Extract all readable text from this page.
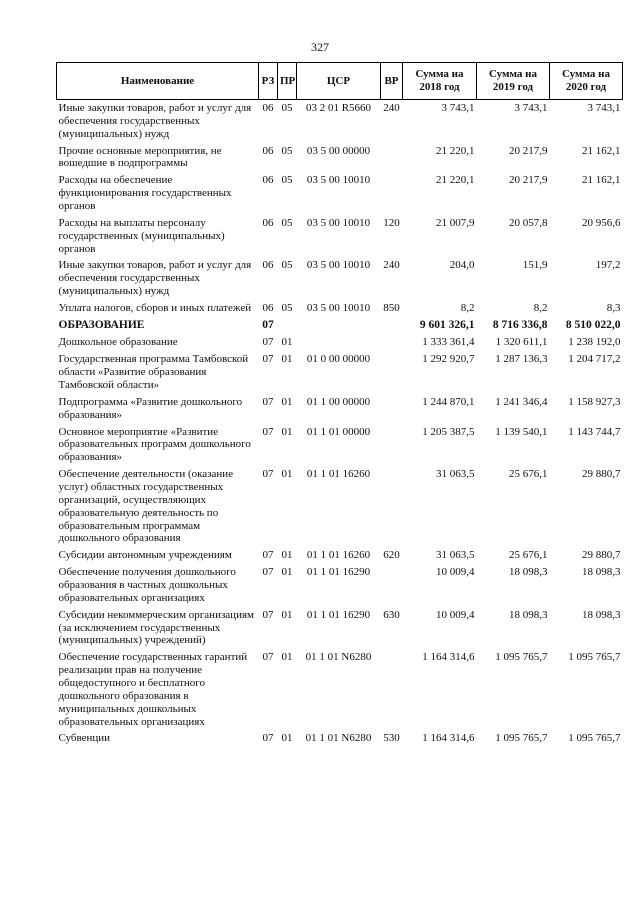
327
Наименование	РЗ	ПР	ЦСР	ВР	Сумма на 2018 год	Сумма на 2019 год	Сумма на 2020 год
Иные закупки товаров, работ и услуг для обеспечения государственных (муниципальных) нужд	06	05	03 2 01 R5660	240	3 743,1	3 743,1	3 743,1
Прочие основные мероприятия, не вошедшие в подпрограммы	06	05	03 5 00 00000		21 220,1	20 217,9	21 162,1
Расходы на обеспечение функционирования государственных органов	06	05	03 5 00 10010		21 220,1	20 217,9	21 162,1
Расходы на выплаты персоналу государственных (муниципальных) органов	06	05	03 5 00 10010	120	21 007,9	20 057,8	20 956,6
Иные закупки товаров, работ и услуг для обеспечения государственных (муниципальных) нужд	06	05	03 5 00 10010	240	204,0	151,9	197,2
Уплата налогов, сборов и иных платежей	06	05	03 5 00 10010	850	8,2	8,2	8,3
ОБРАЗОВАНИЕ	07				9 601 326,1	8 716 336,8	8 510 022,0
Дошкольное образование	07	01			1 333 361,4	1 320 611,1	1 238 192,0
Государственная программа Тамбовской области «Развитие образования Тамбовской области»	07	01	01 0 00 00000		1 292 920,7	1 287 136,3	1 204 717,2
Подпрограмма «Развитие дошкольного образования»	07	01	01 1 00 00000		1 244 870,1	1 241 346,4	1 158 927,3
Основное мероприятие «Развитие образовательных программ дошкольного образования»	07	01	01 1 01 00000		1 205 387,5	1 139 540,1	1 143 744,7
Обеспечение деятельности (оказание услуг) областных государственных организаций, осуществляющих образовательную деятельность по образовательным программам дошкольного образования	07	01	01 1 01 16260		31 063,5	25 676,1	29 880,7
Субсидии автономным учреждениям	07	01	01 1 01 16260	620	31 063,5	25 676,1	29 880,7
Обеспечение получения дошкольного образования в частных дошкольных образовательных организациях	07	01	01 1 01 16290		10 009,4	18 098,3	18 098,3
Субсидии некоммерческим организациям (за исключением государственных (муниципальных) учреждений)	07	01	01 1 01 16290	630	10 009,4	18 098,3	18 098,3
Обеспечение государственных гарантий реализации прав на получение общедоступного и бесплатного дошкольного образования в муниципальных дошкольных образовательных организациях	07	01	01 1 01 N6280		1 164 314,6	1 095 765,7	1 095 765,7
Субвенции	07	01	01 1 01 N6280	530	1 164 314,6	1 095 765,7	1 095 765,7
